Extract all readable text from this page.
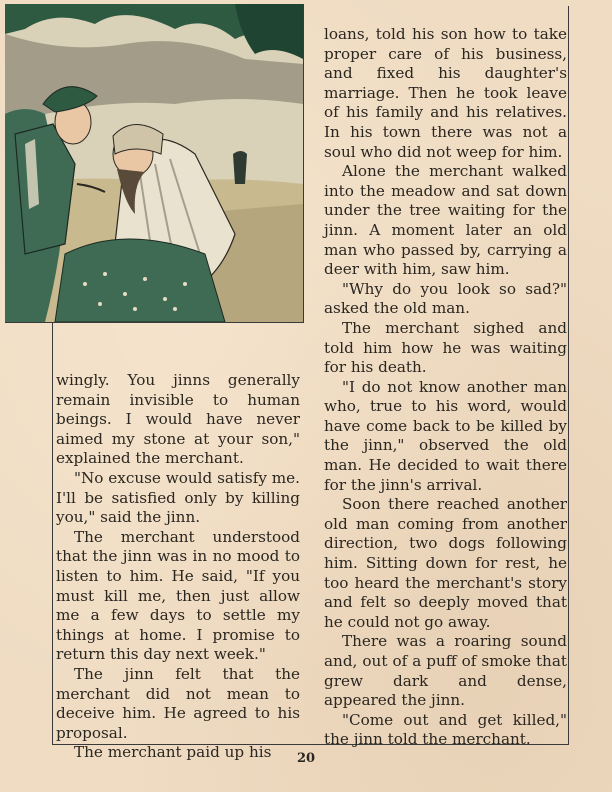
wingly. You jinns generally remain invisible to human beings. I would have never aimed my stone at your son," explained the merchant.

"No excuse would satisfy me. I'll be satisfied only by killing you," said the jinn.

The merchant understood that the jinn was in no mood to listen to him. He said, "If you must kill me, then just allow me a few days to settle my things at home. I promise to return this day next week."

The jinn felt that the merchant did not mean to deceive him. He agreed to his proposal.

The merchant paid up his

loans, told his son how to take proper care of his business, and fixed his daughter's marriage. Then he took leave of his family and his relatives. In his town there was not a soul who did not weep for him.

Alone the merchant walked into the meadow and sat down under the tree waiting for the jinn. A moment later an old man who passed by, carrying a deer with him, saw him.

"Why do you look so sad?" asked the old man.

The merchant sighed and told him how he was waiting for his death.

"I do not know another man who, true to his word, would have come back to be killed by the jinn," observed the old man. He decided to wait there for the jinn's arrival.

Soon there reached another old man coming from another direction, two dogs following him. Sitting down for rest, he too heard the merchant's story and felt so deeply moved that he could not go away.

There was a roaring sound and, out of a puff of smoke that grew dark and dense, appeared the jinn.

"Come out and get killed," the jinn told the merchant.

20
